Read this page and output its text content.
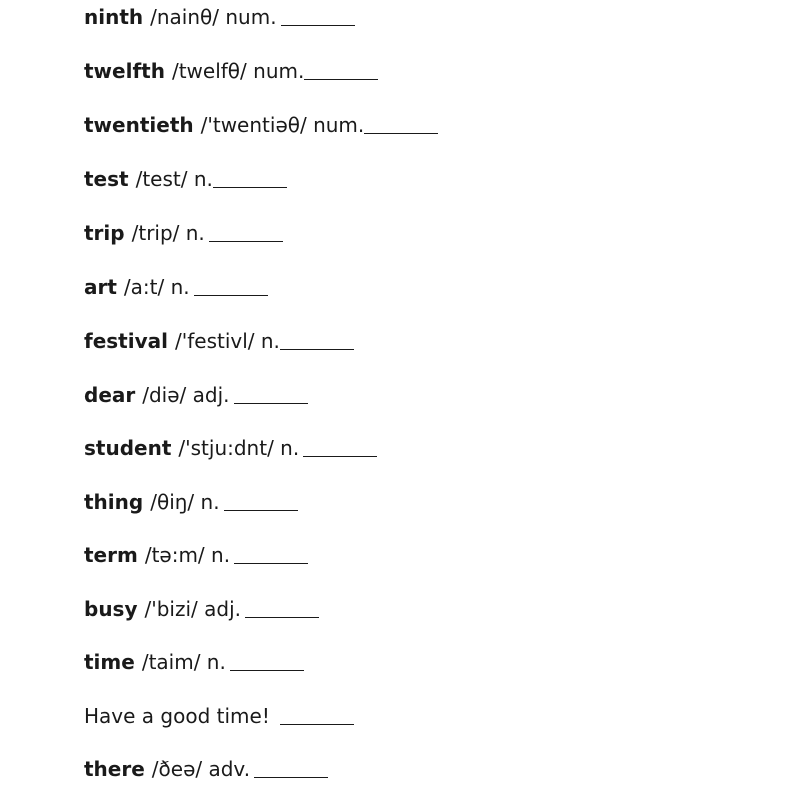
ninth /nainθ/ num.
twelfth /twelfθ/ num.
twentieth /'twentiəθ/ num.
test /test/ n.
trip /trip/ n.
art /a:t/ n.
festival /'festivl/ n.
dear /diə/ adj.
student /'stju:dnt/ n.
thing /θiŋ/ n.
term /tə:m/ n.
busy /'bizi/ adj.
time /taim/ n.
Have a good time!
there /ðeə/ adv.
